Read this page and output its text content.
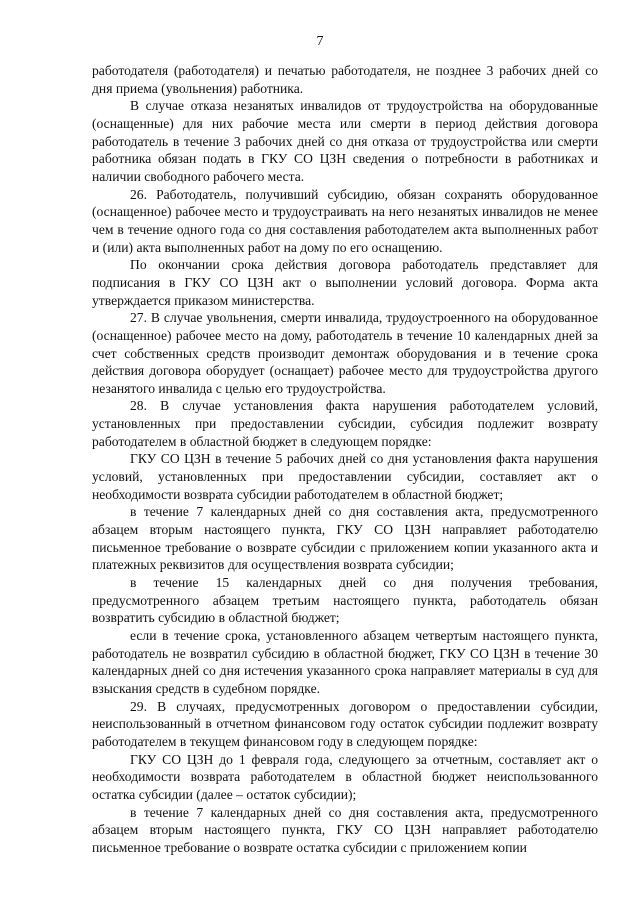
7

работодателя (работодателя) и печатью работодателя, не позднее 3 рабочих дней со дня приема (увольнения) работника.

В случае отказа незанятых инвалидов от трудоустройства на оборудованные (оснащенные) для них рабочие места или смерти в период действия договора работодатель в течение 3 рабочих дней со дня отказа от трудоустройства или смерти работника обязан подать в ГКУ СО ЦЗН сведения о потребности в работниках и наличии свободного рабочего места.

26. Работодатель, получивший субсидию, обязан сохранять оборудованное (оснащенное) рабочее место и трудоустраивать на него незанятых инвалидов не менее чем в течение одного года со дня составления работодателем акта выполненных работ и (или) акта выполненных работ на дому по его оснащению.

По окончании срока действия договора работодатель представляет для подписания в ГКУ СО ЦЗН акт о выполнении условий договора. Форма акта утверждается приказом министерства.

27. В случае увольнения, смерти инвалида, трудоустроенного на оборудованное (оснащенное) рабочее место на дому, работодатель в течение 10 календарных дней за счет собственных средств производит демонтаж оборудования и в течение срока действия договора оборудует (оснащает) рабочее место для трудоустройства другого незанятого инвалида с целью его трудоустройства.

28. В случае установления факта нарушения работодателем условий, установленных при предоставлении субсидии, субсидия подлежит возврату работодателем в областной бюджет в следующем порядке:

ГКУ СО ЦЗН в течение 5 рабочих дней со дня установления факта нарушения условий, установленных при предоставлении субсидии, составляет акт о необходимости возврата субсидии работодателем в областной бюджет;

в течение 7 календарных дней со дня составления акта, предусмотренного абзацем вторым настоящего пункта, ГКУ СО ЦЗН направляет работодателю письменное требование о возврате субсидии с приложением копии указанного акта и платежных реквизитов для осуществления возврата субсидии;

в течение 15 календарных дней со дня получения требования, предусмотренного абзацем третьим настоящего пункта, работодатель обязан возвратить субсидию в областной бюджет;

если в течение срока, установленного абзацем четвертым настоящего пункта, работодатель не возвратил субсидию в областной бюджет, ГКУ СО ЦЗН в течение 30 календарных дней со дня истечения указанного срока направляет материалы в суд для взыскания средств в судебном порядке.

29. В случаях, предусмотренных договором о предоставлении субсидии, неиспользованный в отчетном финансовом году остаток субсидии подлежит возврату работодателем в текущем финансовом году в следующем порядке:

ГКУ СО ЦЗН до 1 февраля года, следующего за отчетным, составляет акт о необходимости возврата работодателем в областной бюджет неиспользованного остатка субсидии (далее – остаток субсидии);

в течение 7 календарных дней со дня составления акта, предусмотренного абзацем вторым настоящего пункта, ГКУ СО ЦЗН направляет работодателю письменное требование о возврате остатка субсидии с приложением копии
